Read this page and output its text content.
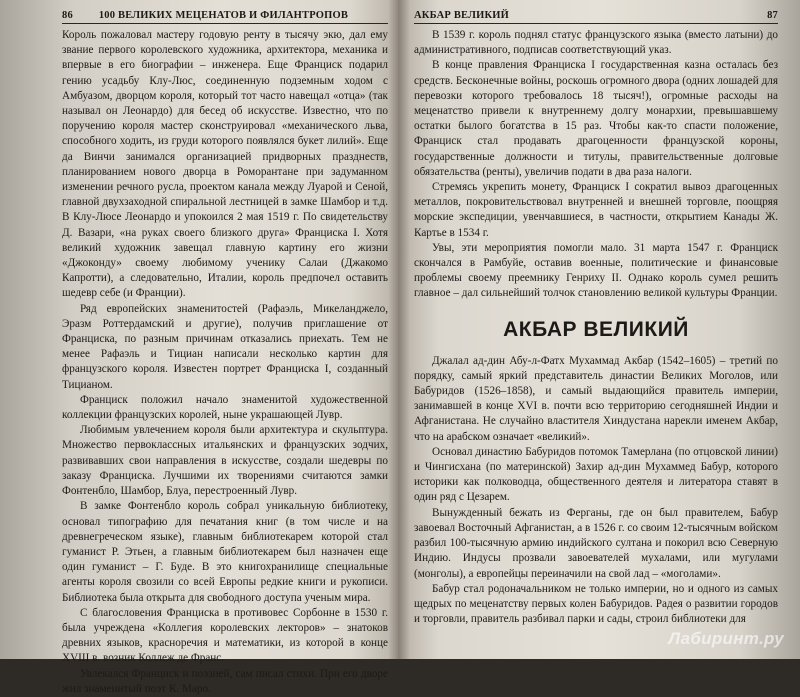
86 100 ВЕЛИКИХ МЕЦЕНАТОВ И ФИЛАНТРОПОВ

Король пожаловал мастеру годовую ренту в тысячу экю, дал ему звание первого королевского художника, архитектора, механика и впервые в его биографии – инженера. Еще Франциск подарил гению усадьбу Клу-Люс, соединенную подземным ходом с Амбуазом, дворцом короля, который тот часто навещал «отца» (так называл он Леонардо) для бесед об искусстве. Известно, что по поручению короля мастер сконструировал «механического льва, способного ходить, из груди которого появлялся букет лилий». Еще да Винчи занимался организацией придворных празднеств, планированием нового дворца в Роморантане при задуманном изменении речного русла, проектом канала между Луарой и Сеной, главной двухзаходной спиральной лестницей в замке Шамбор и т.д. В Клу-Люсе Леонардо и упокоился 2 мая 1519 г. По свидетельству Д. Вазари, «на руках своего близкого друга» Франциска I. Хотя великий художник завещал главную картину его жизни «Джоконду» своему любимому ученику Салаи (Джакомо Капротти), а следовательно, Италии, король предпочел оставить шедевр себе (и Франции).

Ряд европейских знаменитостей (Рафаэль, Микеланджело, Эразм Роттердамский и другие), получив приглашение от Франциска, по разным причинам отказались приехать. Тем не менее Рафаэль и Тициан написали несколько картин для французского короля. Известен портрет Франциска I, созданный Тицианом.

Франциск положил начало знаменитой художественной коллекции французских королей, ныне украшающей Лувр.

Любимым увлечением короля были архитектура и скульптура. Множество первоклассных итальянских и французских зодчих, развивавших свои направления в искусстве, создали шедевры по заказу Франциска. Лучшими их творениями считаются замки Фонтенбло, Шамбор, Блуа, перестроенный Лувр.

В замке Фонтенбло король собрал уникальную библиотеку, основал типографию для печатания книг (в том числе и на древнегреческом языке), главным библиотекарем которой стал гуманист Р. Этьен, а главным библиотекарем был назначен еще один гуманист – Г. Буде. В это книгохранилище специальные агенты короля свозили со всей Европы редкие книги и рукописи. Библиотека была открыта для свободного доступа ученым мира.

С благословения Франциска в противовес Сорбонне в 1530 г. была учреждена «Коллегия королевских лекторов» – знатоков древних языков, красноречия и математики, из которой в конце XVIII в. возник Коллеж де Франс.

Увлекался Франциск и поэзией, сам писал стихи. При его дворе жил знаменитый поэт К. Маро.

АКБАР ВЕЛИКИЙ	87

В 1539 г. король поднял статус французского языка (вместо латыни) до административного, подписав соответствующий указ.

В конце правления Франциска I государственная казна осталась без средств. Бесконечные войны, роскошь огромного двора (одних лошадей для перевозки которого требовалось 18 тысяч!), огромные расходы на меценатство привели к внутреннему долгу монархии, превышавшему остатки былого богатства в 15 раз. Чтобы как-то спасти положение, Франциск стал продавать драгоценности французской короны, государственные должности и титулы, правительственные долговые обязательства (ренты), увеличив подати в два раза налоги.

Стремясь укрепить монету, Франциск I сократил вывоз драгоценных металлов, покровительствовал внутренней и внешней торговле, поощряя морские экспедиции, увенчавшиеся, в частности, открытием Канады Ж. Картье в 1534 г.

Увы, эти мероприятия помогли мало. 31 марта 1547 г. Франциск скончался в Рамбуйе, оставив военные, политические и финансовые проблемы своему преемнику Генриху II. Однако король сумел решить главное – дал сильнейший толчок становлению великой культуры Франции.

АКБАР ВЕЛИКИЙ

Джалал ад-дин Абу-л-Фатх Мухаммад Акбар (1542–1605) – третий по порядку, самый яркий представитель династии Великих Моголов, или Бабуридов (1526–1858), и самый выдающийся правитель империи, занимавшей в конце XVI в. почти всю территорию сегодняшней Индии и Афганистана. Не случайно властителя Хиндустана нарекли именем Акбар, что на арабском означает «великий».

Основал династию Бабуридов потомок Тамерлана (по отцовской линии) и Чингисхана (по материнской) Захир ад-дин Мухаммед Бабур, которого историки как полководца, общественного деятеля и литератора ставят в один ряд с Цезарем.

Вынужденный бежать из Ферганы, где он был правителем, Бабур завоевал Восточный Афганистан, а в 1526 г. со своим 12-тысячным войском разбил 100-тысячную армию индийского султана и покорил всю Северную Индию. Индусы прозвали завоевателей мухалами, или мугулами (монголы), а европейцы переиначили на свой лад – «моголами».

Бабур стал родоначальником не только империи, но и одного из самых щедрых по меценатству первых колен Бабуридов. Радея о развитии городов и торговли, правитель разбивал парки и сады, строил библиотеки для

Лабиринт.ру
